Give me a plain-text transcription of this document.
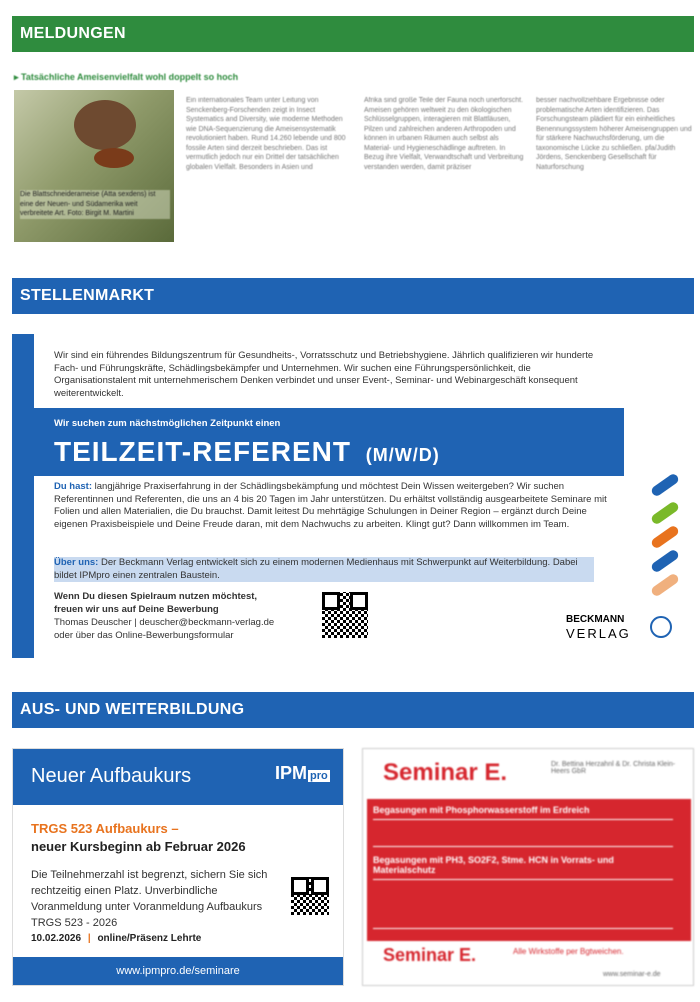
MELDUNGEN
▸ Tatsächliche Ameisenvielfalt wohl doppelt so hoch
Die Blattschneiderameise (Atta sexdens) ist eine der Neuen- und Südamerika weit verbreitete Art. Foto: Birgit M. Martini
Ein internationales Team unter Leitung von Senckenberg-Forschenden zeigt in Insect Systematics and Diversity, wie moderne Methoden wie DNA-Sequenzierung die Ameisensystematik revolutioniert haben. Rund 14.260 lebende und 800 fossile Arten sind derzeit beschrieben. Das ist vermutlich jedoch nur ein Drittel der tatsächlichen globalen Vielfalt. Besonders in Asien und
Afrika sind große Teile der Fauna noch unerforscht. Ameisen gehören weltweit zu den ökologischen Schlüsselgruppen, interagieren mit Blattläusen, Pilzen und zahlreichen anderen Arthropoden und können in urbanen Räumen auch selbst als Material- und Hygieneschädlinge auftreten. In Bezug ihre Vielfalt, Verwandtschaft und Verbreitung verstanden werden, damit präziser
besser nachvollziehbare Ergebnisse oder problematische Arten identifizieren. Das Forschungsteam plädiert für ein einheitliches Benennungssystem höherer Ameisengruppen und für stärkere Nachwuchsförderung, um die taxonomische Lücke zu schließen. pfa/Judith Jördens, Senckenberg Gesellschaft für Naturforschung
STELLENMARKT
Wir sind ein führendes Bildungszentrum für Gesundheits-, Vorratsschutz und Betriebshygiene. Jährlich qualifizieren wir hunderte Fach- und Führungskräfte, Schädlingsbekämpfer und Unternehmen. Wir suchen eine Führungspersönlichkeit, die Organisationstalent mit unternehmerischem Denken verbindet und unser Event-, Seminar- und Webinargeschäft konsequent weiterentwickelt.
Wir suchen zum nächstmöglichen Zeitpunkt einen
TEILZEIT-REFERENT (M/W/D)
Du hast: langjährige Praxiserfahrung in der Schädlingsbekämpfung und möchtest Dein Wissen weitergeben? Wir suchen Referentinnen und Referenten, die uns an 4 bis 20 Tagen im Jahr unterstützen. Du erhältst vollständig ausgearbeitete Seminare mit Folien und allen Materialien, die Du brauchst. Damit leitest Du mehrtägige Schulungen in Deiner Region – ergänzt durch Deine eigenen Praxisbeispiele und Deine Freude daran, mit dem Nachwuchs zu arbeiten. Klingt gut? Dann willkommen im Team.
Über uns: Der Beckmann Verlag entwickelt sich zu einem modernen Medienhaus mit Schwerpunkt auf Weiterbildung. Dabei bildet IPMpro einen zentralen Baustein.
Wenn Du diesen Spielraum nutzen möchtest,
freuen wir uns auf Deine Bewerbung
Thomas Deuscher | deuscher@beckmann-verlag.de
oder über das Online-Bewerbungsformular
BECKMANN
VERLAG
AUS- UND WEITERBILDUNG
Neuer Aufbaukurs	IPM pro
TRGS 523 Aufbaukurs –
neuer Kursbeginn ab Februar 2026
Die Teilnehmerzahl ist begrenzt, sichern Sie sich rechtzeitig einen Platz. Unverbindliche Voranmeldung unter Voranmeldung Aufbaukurs TRGS 523 - 2026
10.02.2026 | online/Präsenz Lehrte
www.ipmpro.de/seminare
Seminar E.	Dr. Bettina Herzahnl & Dr. Christa Klein-Heers GbR
Begasungen mit Phosphorwasserstoff im Erdreich
Begasungen mit PH3, SO2F2, Stme. HCN in Vorrats- und Materialschutz
Seminar E.	Alle Wirkstoffe per Bgtweichen.
www.seminar-e.de
